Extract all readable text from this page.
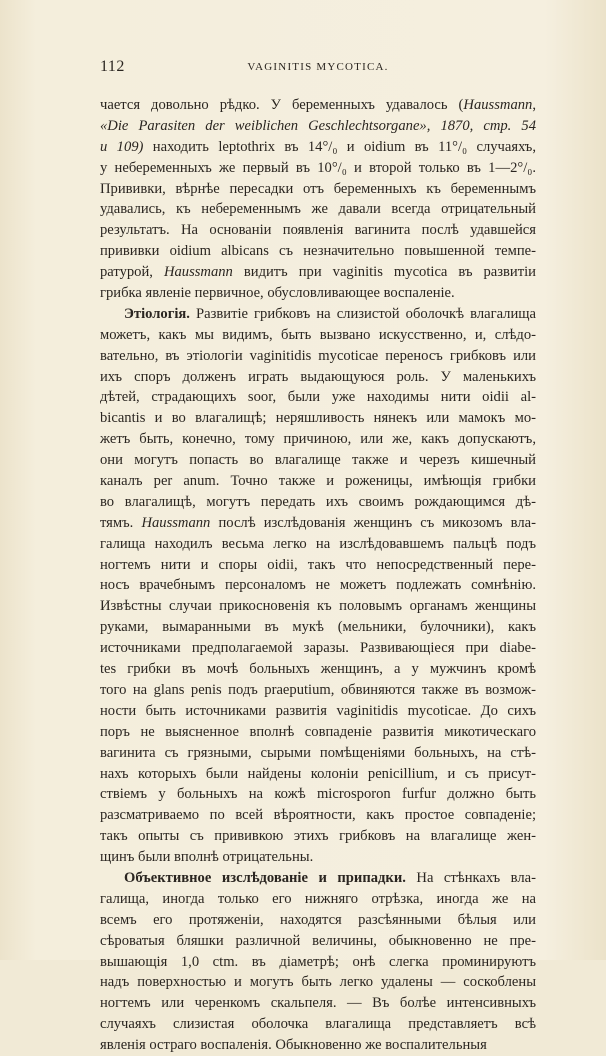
112	VAGINITIS MYCOTICA.
чается довольно рѣдко. У беременныхъ удавалось (Haussmann,
«Die Parasiten der weiblichen Geschlechtsorgane», 1870, стр. 54
и 109) находить leptothrix въ 14°/₀ и oidium въ 11°/₀ случаяхъ,
у небеременныхъ же первый въ 10°/₀ и второй только въ 1—2°/₀.
Прививки, вѣрнѣе пересадки отъ беременныхъ къ беременнымъ
удавались, къ небеременнымъ же давали всегда отрицательный
результатъ. На основаніи появленія вагинита послѣ удавшейся
прививки oidium albicans съ незначительно повышенной темпе-
ратурой, Haussmann видитъ при vaginitis mycotica въ развитіи
грибка явленіе первичное, обусловливающее воспаленіе.
Этіологія. Развитіе грибковъ на слизистой оболочкѣ влагалища
можетъ, какъ мы видимъ, быть вызвано искусственно, и, слѣдо-
вательно, въ этіологіи vaginitidis mycoticae переносъ грибковъ или
ихъ споръ долженъ играть выдающуюся роль. У маленькихъ
дѣтей, страдающихъ soor, были уже находимы нити oidii al-
bicantis и во влагалищѣ; неряшливость нянекъ или мамокъ мо-
жетъ быть, конечно, тому причиною, или же, какъ допускаютъ,
они могутъ попасть во влагалище также и черезъ кишечный
каналъ per anum. Точно также и роженицы, имѣющія грибки
во влагалищѣ, могутъ передать ихъ своимъ рождающимся дѣ-
тямъ. Haussmann послѣ изслѣдованія женщинъ съ микозомъ вла-
галища находилъ весьма легко на изслѣдовавшемъ пальцѣ подъ
ногтемъ нити и споры oidii, такъ что непосредственный пере-
носъ врачебнымъ персоналомъ не можетъ подлежать сомнѣнію.
Извѣстны случаи прикосновенія къ половымъ органамъ женщины
руками, вымаранными въ мукѣ (мельники, булочники), какъ
источниками предполагаемой заразы. Развивающіеся при diabe-
tes грибки въ мочѣ больныхъ женщинъ, а у мужчинъ кромѣ
того на glans penis подъ praeputium, обвиняются также въ возмож-
ности быть источниками развитія vaginitidis mycoticae. До сихъ
поръ не выясненное вполнѣ совпаденіе развитія микотическаго
вагинита съ грязными, сырыми помѣщеніями больныхъ, на стѣ-
нахъ которыхъ были найдены колоніи penicillium, и съ присут-
ствіемъ у больныхъ на кожѣ microsporon furfur должно быть
разсматриваемо по всей вѣроятности, какъ простое совпаденіе;
такъ опыты съ прививкою этихъ грибковъ на влагалище жен-
щинъ были вполнѣ отрицательны.
Объективное изслѣдованіе и припадки. На стѣнкахъ вла-
галища, иногда только его нижняго отрѣзка, иногда же на
всемъ его протяженіи, находятся разсѣянными бѣлыя или
сѣроватыя бляшки различной величины, обыкновенно не пре-
вышающія 1,0 ctm. въ діаметрѣ; онѣ слегка проминируютъ
надъ поверхностью и могутъ быть легко удалены — соскоблены
ногтемъ или черенкомъ скальпеля. — Въ болѣе интенсивныхъ
случаяхъ слизистая оболочка влагалища представляетъ всѣ
явленія остраго воспаленія. Обыкновенно же воспалительныя
